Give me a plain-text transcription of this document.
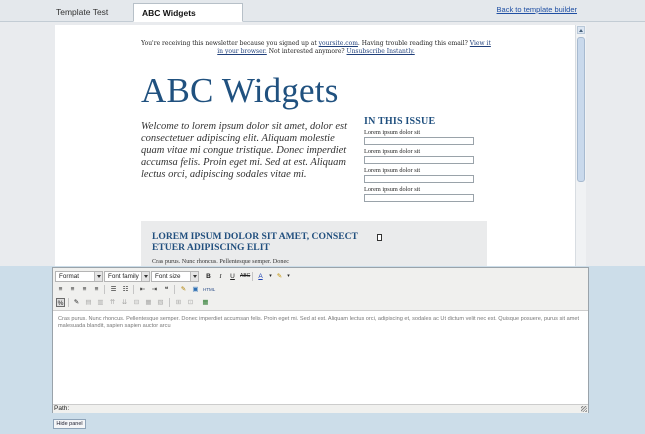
Template Test	ABC Widgets	Back to template builder
You're receiving this newsletter because you signed up at yoursite.com. Having trouble reading this email? View it in your browser. Not interested anymore? Unsubscribe Instantly.
ABC Widgets
Welcome to lorem ipsum dolor sit amet, dolor est consectetuer adipiscing elit. Aliquam molestie quam vitae mi congue tristique. Donec imperdiet accumsa felis. Proin eget mi. Sed at est. Aliquam lectus orci, adipiscing sodales vitae mi.
IN THIS ISSUE
Lorem ipsum dolor sit
Lorem ipsum dolor sit
Lorem ipsum dolor sit
Lorem ipsum dolor sit
LOREM IPSUM DOLOR SIT AMET, CONSECT ETUER ADIPISCING ELIT
Cras purus. Nunc rhoncus. Pellentesque semper. Donec
Format	Font family	Font size	B	I	U	ABC	A	▾ ✎	▾
≡	≡	≡	≡	☰ ☷ ⇤ ⇥	❝	✎ ▣ HTML
% ✎ ▤ ▥ ⇈ ⇊ ⊟ ▦ ▧ ⊞ ⊡ ▦
Cras purus. Nunc rhoncus. Pellentesque semper. Donec imperdiet accumsan felis. Proin eget mi. Sed at est. Aliquam lectus orci, adipiscing et, sodales ac Ut dictum velit nec est. Quisque posuere, purus sit amet malesuada blandit, sapien sapien auctor arcu
Path:
Hide panel
